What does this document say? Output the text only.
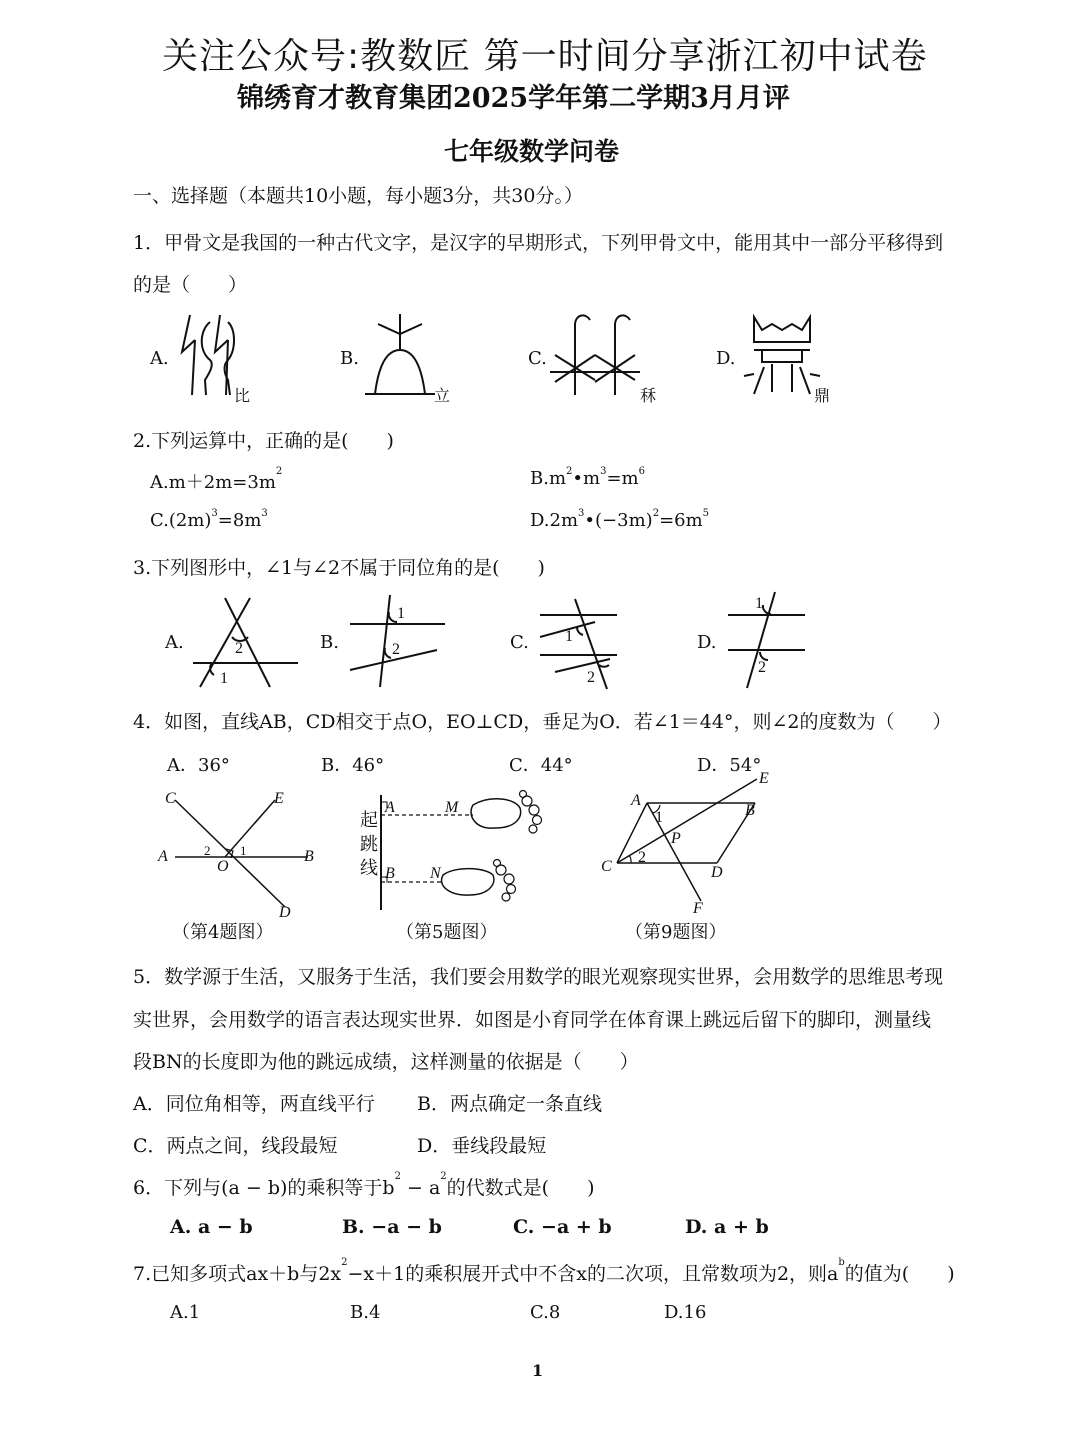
关注公众号:教数匠 第一时间分享浙江初中试卷
锦绣育才教育集团2025学年第二学期3月月评
七年级数学问卷
一、选择题（本题共10小题，每小题3分，共30分。）
1．甲骨文是我国的一种古代文字，是汉字的早期形式，下列甲骨文中，能用其中一部分平移得到
的是（　　）
A.	B.	C.	D.
比	立	秝	鼎
2.下列运算中，正确的是(　　)
$A.m+2m=3m^2$	$B.m^2•m^3=m^6$
$C.(2m)^3=8m^3$	$D.2m^3•(-3m)^2=6m^5$
3.下列图形中，∠1与∠2不属于同位角的是(　　)
A.	B.	C.	D.
2
1
1
2
1
2
1
2
4．如图，直线AB，CD相交于点O，EO⊥CD，垂足为O．若∠1＝44°，则∠2的度数为（　　）
A．36°	B．46°	C．44°	D．54°
C	E
A	B
O
D
2 1
（第4题图）
起
跳
线
A	M
B N
（第5题图）
A
E
B
1
P
C
2
D
F
（第9题图）
5．数学源于生活，又服务于生活，我们要会用数学的眼光观察现实世界，会用数学的思维思考现
实世界，会用数学的语言表达现实世界．如图是小育同学在体育课上跳远后留下的脚印，测量线
段BN的长度即为他的跳远成绩，这样测量的依据是（　　）
A．同位角相等，两直线平行 B．两点确定一条直线
C．两点之间，线段最短	D．垂线段最短
6．下列与(a − b)的乘积等于$b^2 - a^2$的代数式是(　　)
A. a − b	B. −a − b	C. −a + b	D. a + b
7.已知多项式ax＋b与$2x^2-x+1$的乘积展开式中不含x的二次项，且常数项为2，则$a^b$的值为(　　)
A.1	B.4	C.8	D.16
1
